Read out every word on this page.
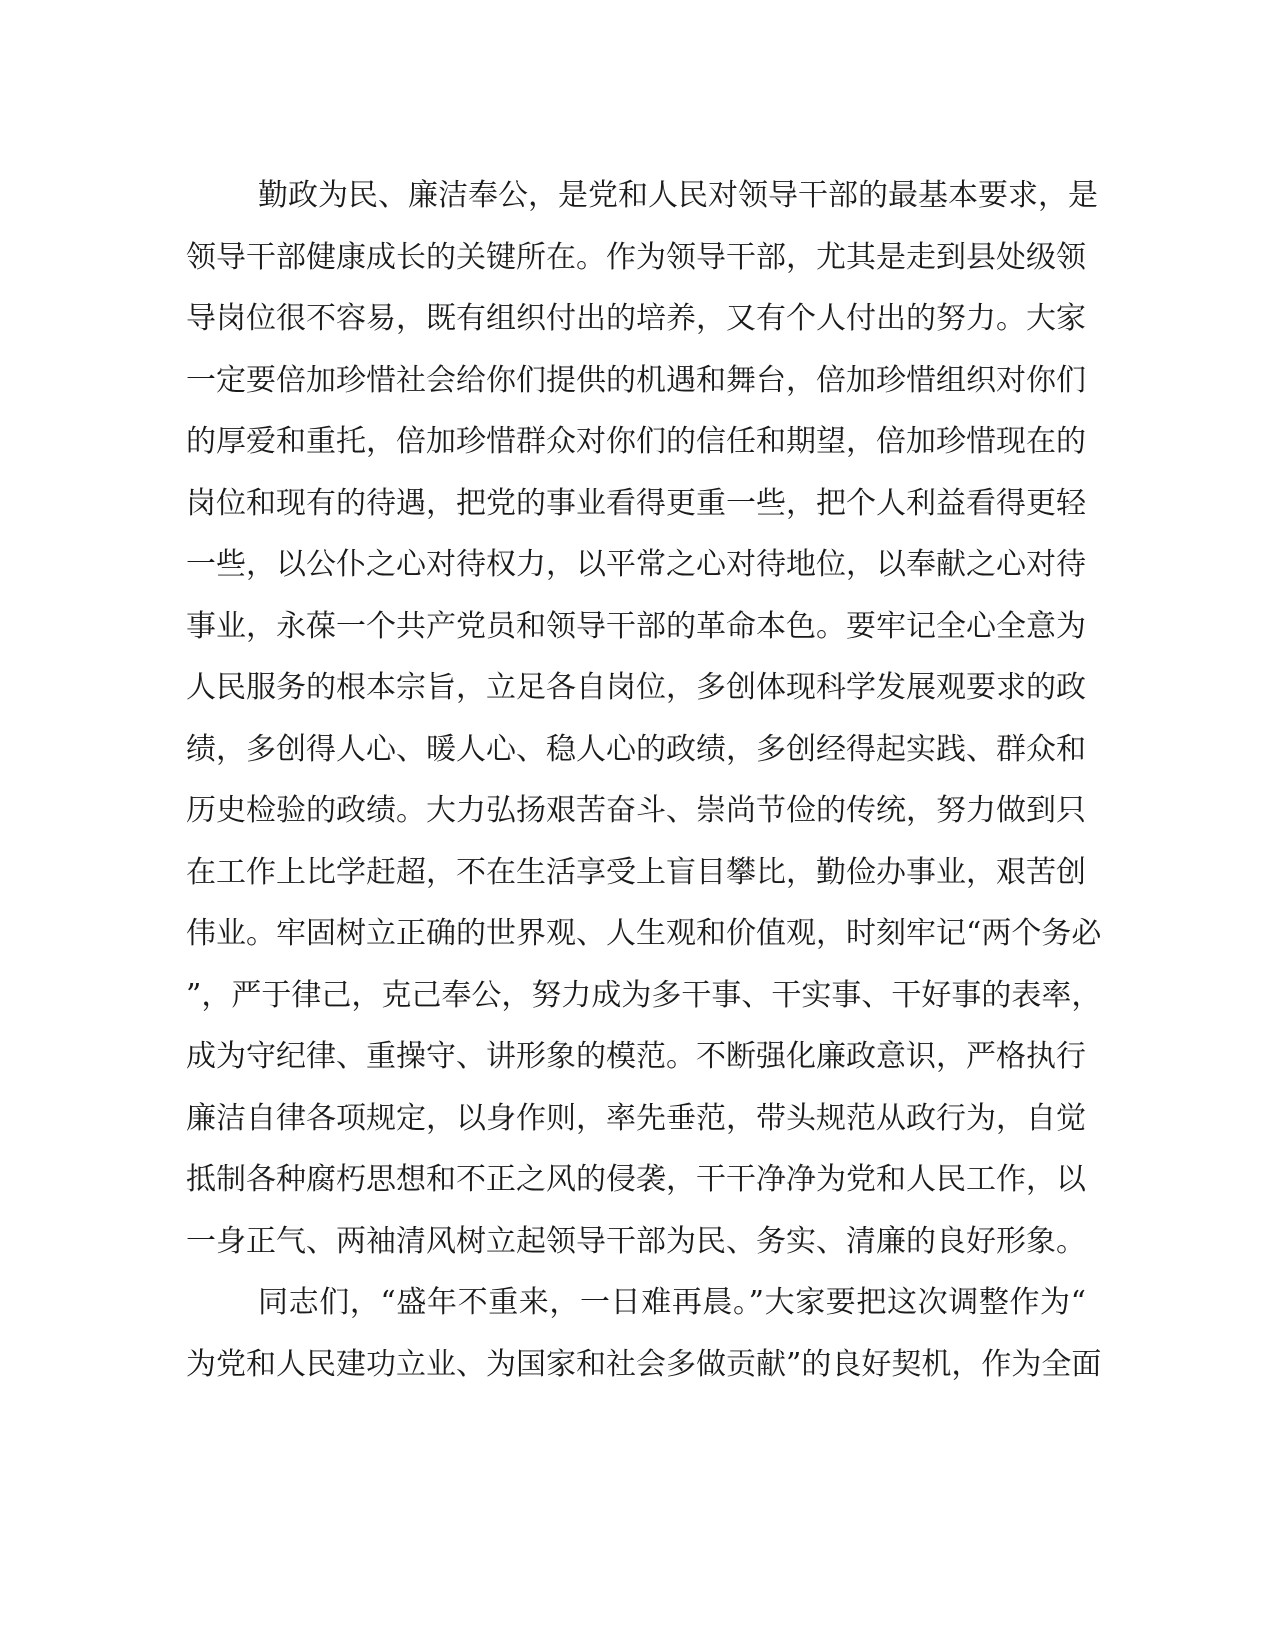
勤政为民、廉洁奉公，是党和人民对领导干部的最基本要求，是
领导干部健康成长的关键所在。作为领导干部，尤其是走到县处级领
导岗位很不容易，既有组织付出的培养，又有个人付出的努力。大家
一定要倍加珍惜社会给你们提供的机遇和舞台，倍加珍惜组织对你们
的厚爱和重托，倍加珍惜群众对你们的信任和期望，倍加珍惜现在的
岗位和现有的待遇，把党的事业看得更重一些，把个人利益看得更轻
一些，以公仆之心对待权力，以平常之心对待地位，以奉献之心对待
事业，永葆一个共产党员和领导干部的革命本色。要牢记全心全意为
人民服务的根本宗旨，立足各自岗位，多创体现科学发展观要求的政
绩，多创得人心、暖人心、稳人心的政绩，多创经得起实践、群众和
历史检验的政绩。大力弘扬艰苦奋斗、崇尚节俭的传统，努力做到只
在工作上比学赶超，不在生活享受上盲目攀比，勤俭办事业，艰苦创
伟业。牢固树立正确的世界观、人生观和价值观，时刻牢记“两个务必
”，严于律己，克己奉公，努力成为多干事、干实事、干好事的表率，
成为守纪律、重操守、讲形象的模范。不断强化廉政意识，严格执行
廉洁自律各项规定，以身作则，率先垂范，带头规范从政行为，自觉
抵制各种腐朽思想和不正之风的侵袭，干干净净为党和人民工作，以
一身正气、两袖清风树立起领导干部为民、务实、清廉的良好形象。
同志们，“盛年不重来，一日难再晨。”大家要把这次调整作为“
为党和人民建功立业、为国家和社会多做贡献”的良好契机，作为全面
